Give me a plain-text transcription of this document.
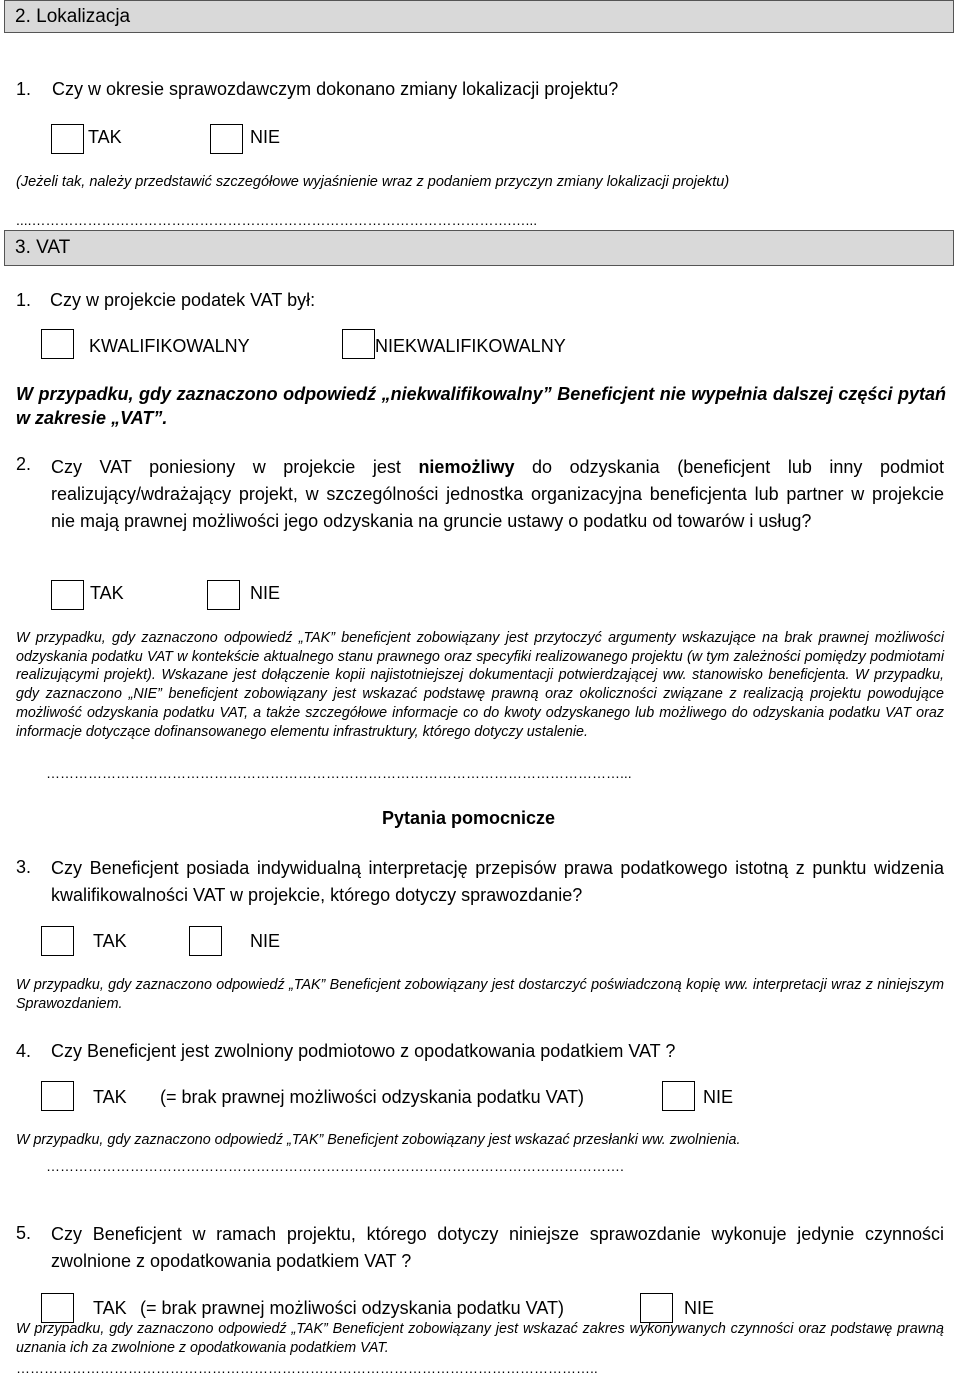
2. Lokalizacja
1. Czy w okresie sprawozdawczym dokonano zmiany lokalizacji projektu?
TAK	NIE
(Jeżeli tak, należy przedstawić szczegółowe wyjaśnienie wraz z podaniem przyczyn zmiany lokalizacji projektu)
....………………………………………………………………………………………….…...
3. VAT
1. Czy w projekcie podatek VAT był:
KWALIFIKOWALNY	NIEKWALIFIKOWALNY
W przypadku, gdy zaznaczono odpowiedź „niekwalifikowalny” Beneficjent nie wypełnia dalszej części pytań w zakresie „VAT”.
2. Czy VAT poniesiony w projekcie jest niemożliwy do odzyskania (beneficjent lub inny podmiot realizujący/wdrażający projekt, w szczególności jednostka organizacyjna beneficjenta lub partner w projekcie nie mają prawnej możliwości jego odzyskania na gruncie ustawy o podatku od towarów i usług?
TAK	NIE
W przypadku, gdy zaznaczono odpowiedź „TAK” beneficjent zobowiązany jest przytoczyć argumenty wskazujące na brak prawnej możliwości odzyskania podatku VAT w kontekście aktualnego stanu prawnego oraz specyfiki realizowanego projektu (w tym zależności pomiędzy podmiotami realizującymi projekt). Wskazane jest dołączenie kopii najistotniejszej dokumentacji potwierdzającej ww. stanowisko beneficjenta. W przypadku, gdy zaznaczono „NIE” beneficjent zobowiązany jest wskazać podstawę prawną oraz okoliczności związane z realizacją projektu powodujące możliwość odzyskania podatku VAT, a także szczegółowe informacje co do kwoty odzyskanego lub możliwego do odzyskania podatku VAT oraz informacje dotyczące dofinansowanego elementu infrastruktury, którego dotyczy ustalenie.
……………………………………………………………………………………………………………...
Pytania pomocnicze
3. Czy Beneficjent posiada indywidualną interpretację przepisów prawa podatkowego istotną z punktu widzenia kwalifikowalności VAT w projekcie, którego dotyczy sprawozdanie?
TAK	NIE
W przypadku, gdy zaznaczono odpowiedź „TAK” Beneficjent zobowiązany jest dostarczyć poświadczoną kopię ww. interpretacji wraz z niniejszym Sprawozdaniem.
4. Czy Beneficjent jest zwolniony podmiotowo z opodatkowania podatkiem VAT ?
TAK (= brak prawnej możliwości odzyskania podatku VAT)	NIE
W przypadku, gdy zaznaczono odpowiedź „TAK” Beneficjent zobowiązany jest wskazać przesłanki ww. zwolnienia.
…………………………………………………………………………………………………………….
5. Czy Beneficjent w ramach projektu, którego dotyczy niniejsze sprawozdanie wykonuje jedynie czynności zwolnione z opodatkowania podatkiem VAT ?
TAK (= brak prawnej możliwości odzyskania podatku VAT)	NIE
W przypadku, gdy zaznaczono odpowiedź „TAK” Beneficjent zobowiązany jest wskazać zakres wykonywanych czynności oraz podstawę prawną uznania ich za zwolnione z opodatkowania podatkiem VAT.
……………………………………………………………………………………………………………..
